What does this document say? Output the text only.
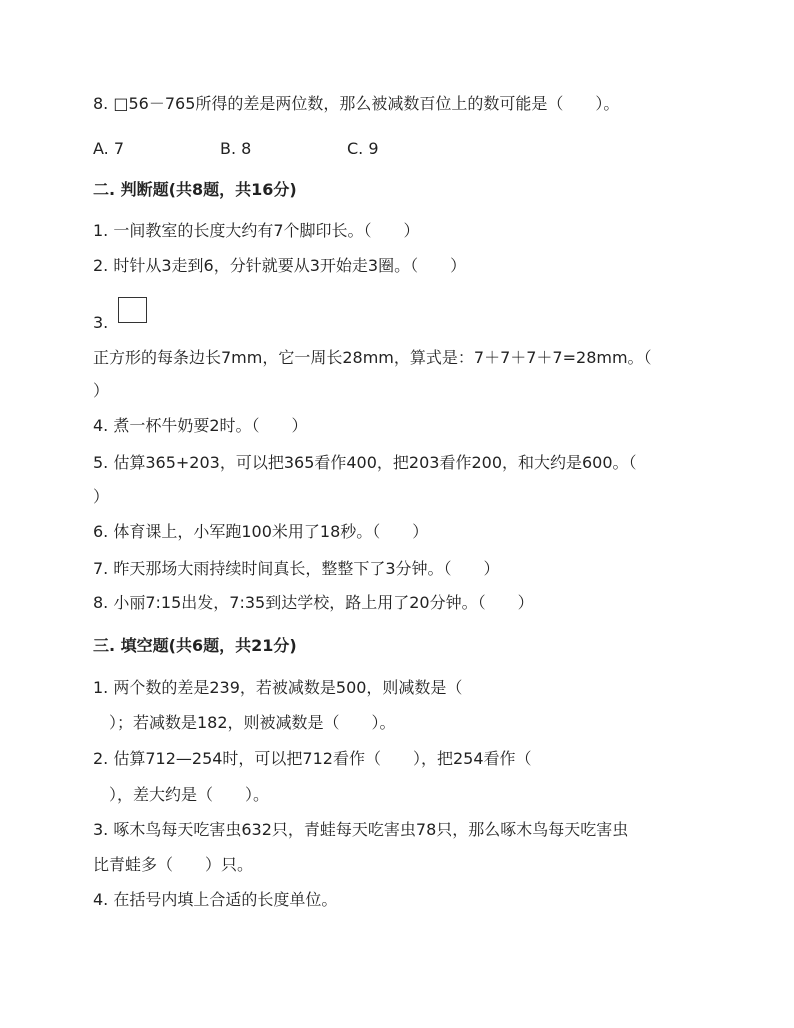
8. □56－765所得的差是两位数，那么被减数百位上的数可能是（　　）。
A. 7	B. 8	C. 9
二. 判断题(共8题，共16分)
1. 一间教室的长度大约有7个脚印长。（　　）
2. 时针从3走到6，分针就要从3开始走3圈。（　　）
3.
正方形的每条边长7mm，它一周长28mm，算式是：7＋7＋7＋7=28mm。（
）
4. 煮一杯牛奶要2时。（　　）
5. 估算365+203，可以把365看作400，把203看作200，和大约是600。（
）
6. 体育课上，小军跑100米用了18秒。（　　）
7. 昨天那场大雨持续时间真长，整整下了3分钟。（　　）
8. 小丽7:15出发，7:35到达学校，路上用了20分钟。（　　）
三. 填空题(共6题，共21分)
1. 两个数的差是239，若被减数是500，则减数是（
　）；若减数是182，则被减数是（　　）。
2. 估算712—254时，可以把712看作（　　），把254看作（
　），差大约是（　　）。
3. 啄木鸟每天吃害虫632只，青蛙每天吃害虫78只，那么啄木鸟每天吃害虫
比青蛙多（　　）只。
4. 在括号内填上合适的长度单位。
